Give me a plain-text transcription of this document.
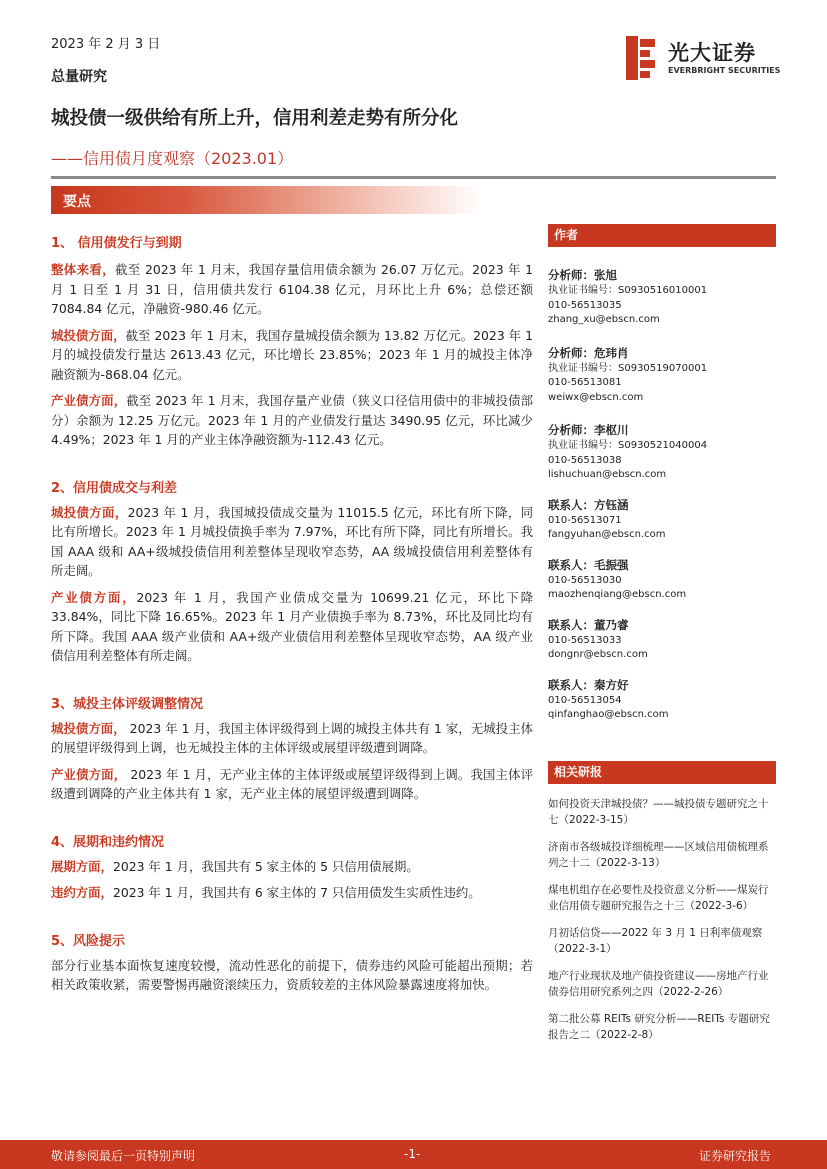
2023 年 2 月 3 日
总量研究
光大证券
EVERBRIGHT SECURITIES
城投债一级供给有所上升，信用利差走势有所分化
——信用债月度观察（2023.01）
要点
1、 信用债发行与到期

整体来看，截至 2023 年 1 月末，我国存量信用债余额为 26.07 万亿元。2023 年 1 月 1 日至 1 月 31 日，信用债共发行 6104.38 亿元，月环比上升 6%；总偿还额 7084.84 亿元，净融资-980.46 亿元。

城投债方面，截至 2023 年 1 月末，我国存量城投债余额为 13.82 万亿元。2023 年 1 月的城投债发行量达 2613.43 亿元，环比增长 23.85%；2023 年 1 月的城投主体净融资额为-868.04 亿元。

产业债方面，截至 2023 年 1 月末，我国存量产业债（狭义口径信用债中的非城投债部分）余额为 12.25 万亿元。2023 年 1 月的产业债发行量达 3490.95 亿元，环比减少 4.49%；2023 年 1 月的产业主体净融资额为-112.43 亿元。

2、信用债成交与利差

城投债方面，2023 年 1 月，我国城投债成交量为 11015.5 亿元，环比有所下降，同比有所增长。2023 年 1 月城投债换手率为 7.97%，环比有所下降，同比有所增长。我国 AAA 级和 AA+级城投债信用利差整体呈现收窄态势，AA 级城投债信用利差整体有所走阔。

产业债方面，2023 年 1 月，我国产业债成交量为 10699.21 亿元，环比下降 33.84%，同比下降 16.65%。2023 年 1 月产业债换手率为 8.73%，环比及同比均有所下降。我国 AAA 级产业债和 AA+级产业债信用利差整体呈现收窄态势，AA 级产业债信用利差整体有所走阔。

3、城投主体评级调整情况

城投债方面， 2023 年 1 月，我国主体评级得到上调的城投主体共有 1 家，无城投主体的展望评级得到上调，也无城投主体的主体评级或展望评级遭到调降。

产业债方面， 2023 年 1 月，无产业主体的主体评级或展望评级得到上调。我国主体评级遭到调降的产业主体共有 1 家，无产业主体的展望评级遭到调降。

4、展期和违约情况

展期方面，2023 年 1 月，我国共有 5 家主体的 5 只信用债展期。

违约方面，2023 年 1 月，我国共有 6 家主体的 7 只信用债发生实质性违约。

5、风险提示

部分行业基本面恢复速度较慢，流动性恶化的前提下，债券违约风险可能超出预期；若相关政策收紧，需要警惕再融资滚续压力，资质较差的主体风险暴露速度将加快。

作者
分析师：张旭
执业证书编号：S0930516010001
010-56513035
zhang_xu@ebscn.com
分析师：危玮肖
执业证书编号：S0930519070001
010-56513081
weiwx@ebscn.com
分析师：李枢川
执业证书编号：S0930521040004
010-56513038
lishuchuan@ebscn.com
联系人：方钰涵
010-56513071
fangyuhan@ebscn.com
联系人：毛振强
010-56513030
maozhenqiang@ebscn.com
联系人：董乃睿
010-56513033
dongnr@ebscn.com
联系人：秦方好
010-56513054
qinfanghao@ebscn.com
相关研报
如何投资天津城投债？——城投债专题研究之十七（2022-3-15）
济南市各级城投详细梳理——区域信用债梳理系列之十二（2022-3-13）
煤电机组存在必要性及投资意义分析——煤炭行业信用债专题研究报告之十三（2022-3-6）
月初话信贷——2022 年 3 月 1 日利率债观察（2022-3-1）
地产行业现状及地产债投资建议——房地产行业债券信用研究系列之四（2022-2-26）
第二批公募 REITs 研究分析——REITs 专题研究报告之二（2022-2-8）
敬请参阅最后一页特别声明	-1-	证券研究报告
